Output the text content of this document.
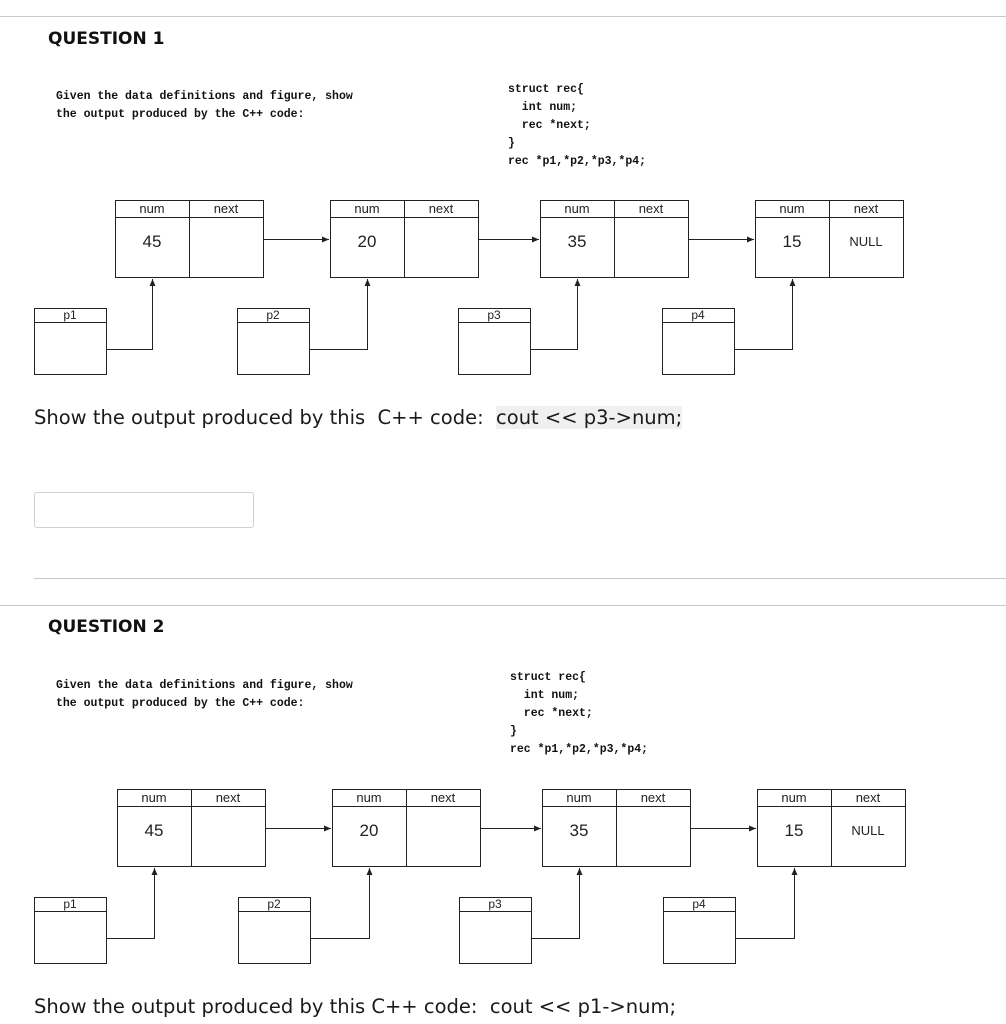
QUESTION 1
Given the data definitions and figure, show
the output produced by the C++ code:
struct rec{
int num;
rec *next;
}
rec *p1,*p2,*p3,*p4;
num	next
45
num	next
20
num	next
35
num	next
15	NULL
p1	p2	p3	p4
Show the output produced by this  C++ code:  cout << p3->num;
QUESTION 2
Given the data definitions and figure, show
the output produced by the C++ code:
struct rec{
int num;
rec *next;
}
rec *p1,*p2,*p3,*p4;
num	next
45
num	next
20
num	next
35
num	next
15	NULL
p1	p2	p3	p4
Show the output produced by this C++ code:  cout << p1->num;
